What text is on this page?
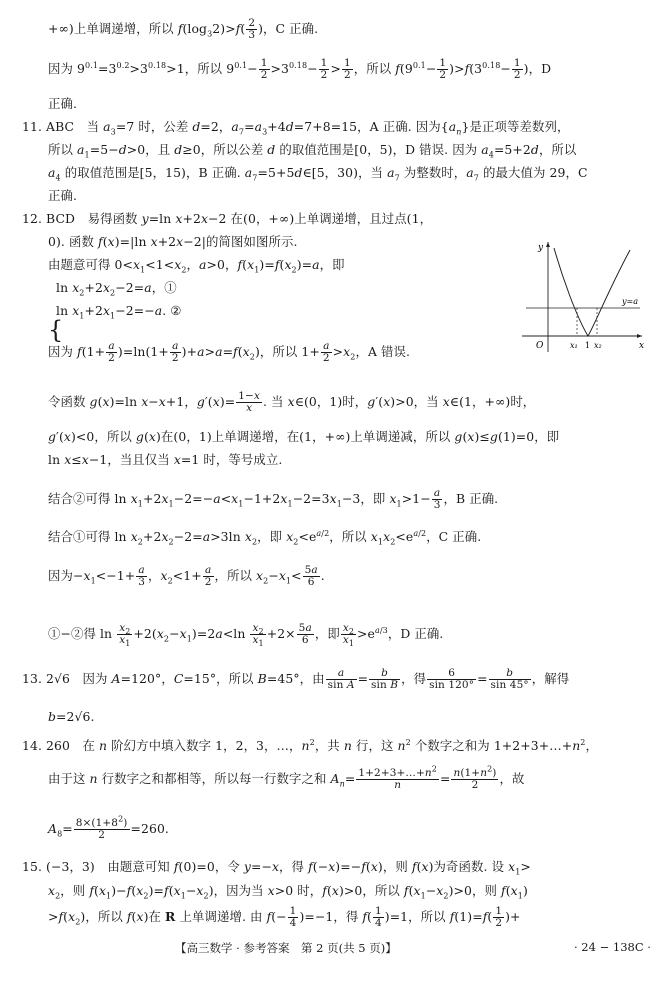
+∞)上单调递增，所以 $f(\log_32)>f( \frac{2}{3}$ )，C 正确.
因为 $9^{0.1}=3^{0.2}>3^{0.18}>1$，所以 $9^{0.1}- \frac{1}{2} >3^{0.18}- \frac{1}{2} > \frac{1}{2}$ ，所以 $f(9^{0.1}- \frac{1}{2} )>f(3^{0.18}- \frac{1}{2}$ )，D
正确.
11. ABC　当 $a_3=7$ 时，公差 d=2，$a_7=a_3+4d=7+8=15$，A 正确. 因为$\{a_n\}$是正项等差数列，
所以 $a_1=5-d>0$，且 d≥0，所以公差 d 的取值范围是[0，5)，D 错误. 因为 $a_4=5+2d$，所以
$a_4$ 的取值范围是[5，15)，B 正确. $a_7=5+5d\in[5$，30)，当 $a_7$ 为整数时，$a_7$ 的最大值为 29，C
正确.
12. BCD　易得函数 y=ln x+2x−2 在(0，+∞)上单调递增，且过点(1，
0). 函数 f(x)=|ln x+2x−2|的简图如图所示.
由题意可得 $0<x_1<1<x_2$，a>0，$f(x_1)=f(x_2)=a$，即
$\ln x_2+2x_2-2=a$，①
$\ln x_1+2x_1-2=-a$. ②
因为 $f(1+ \frac{a}{2} )=\ln(1+ \frac{a}{2} )+a>a=f(x_2)$，所以 $1+ \frac{a}{2} >x_2$，A 错误.
令函数 g(x)=ln x−x+1，$g'(x)= \frac{1-x}{x}$ . 当 x∈(0，1)时，g′(x)>0，当 x∈(1，+∞)时，
g′(x)<0，所以 g(x)在(0，1)上单调递增，在(1，+∞)上单调递减，所以 g(x)≤g(1)=0，即
ln x≤x−1，当且仅当 x=1 时，等号成立.
结合②可得 $\ln x_1+2x_1-2=-a<x_1-1+2x_1-2=3x_1-3$，即 $x_1>1- \frac{a}{3}$ ，B 正确.
结合①可得 $\ln x_2+2x_2-2=a>3\ln$ $x_2$，即 $x_2<e^{a/2}$，所以 $x_1x_2<e^{a/2}$，C 正确.
因为$-x_1<-1+ \frac{a}{3}$ ，$x_2<1+ \frac{a}{2}$ ，所以 $x_2-x_1< \frac{5a}{6}$ .
①−②得 $\ln \frac{x_2}{x_1} +2(x_2-x_1)=2a<\ln \frac{x_2}{x_1} +2\times \frac{5a}{6}$ ，即 $\frac{x_2}{x_1} >e^{a/3}$，D 正确.
13. 2√6　因为 A=120°，C=15°，所以 B=45°，由 $\frac{a}{\text{sin A}} = \frac{b}{\text{sin B}}$ ，得 $\frac{6}{\sin 120^\circ} = \frac{b}{\sin 45^\circ}$ ，解得
b=2√6.
14. 260　在 n 阶幻方中填入数字 1，2，3，…，$n^2$，共 n 行，这 $n^2$ 个数字之和为 $1+2+3+\dots+n^2$，
由于这 n 行数字之和都相等，所以每一行数字之和 $A_n= \frac{1+2+3+\dots+n^2}{n} = \frac{n(1+n^2)}{2}$ ，故
$A_8= \frac{8\times(1+8^2)}{2} =260$.
15. (−3，3)　由题意可知 f(0)=0，令 y=−x，得 f(−x)=−f(x)，则 f(x)为奇函数. 设 $x_1>$
$x_2$，则 $f(x_1)-f(x_2)=f(x_1-x_2)$，因为当 x>0 时，f(x)>0，所以 $f(x_1-x_2)>0$，则 $f(x_1)$
$>f(x_2)$，所以 f(x)在 R 上单调递增. 由 $f(- \frac{1}{4} )=-1$，得 $f( \frac{1}{4} )=1$，所以 $f(1)=f( \frac{1}{2}$ )+
{
y
x
O	x₁ 1 x₂
y=a
【高三数学 · 参考答案　第 2 页(共 5 页)】	· 24 − 138C ·
